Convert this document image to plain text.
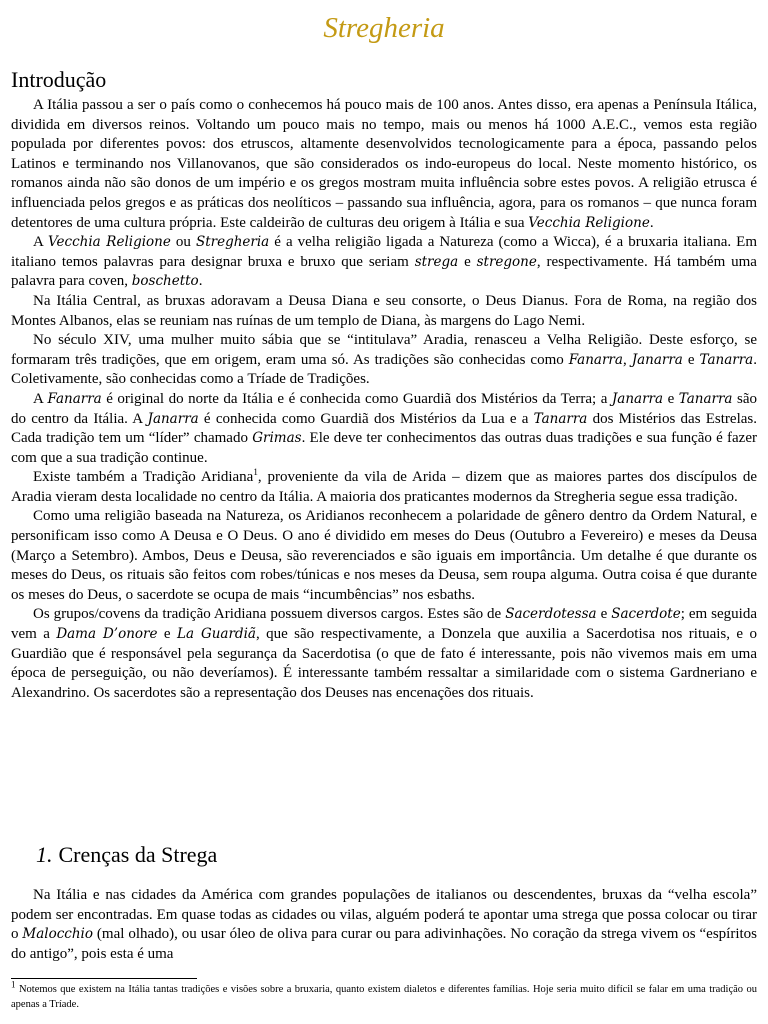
Stregheria
Introdução

A Itália passou a ser o país como o conhecemos há pouco mais de 100 anos. Antes disso, era apenas a Península Itálica, dividida em diversos reinos. Voltando um pouco mais no tempo, mais ou menos há 1000 A.E.C., vemos esta região populada por diferentes povos: dos etruscos, altamente desenvolvidos tecnologicamente para a época, passando pelos Latinos e terminando nos Villanovanos, que são considerados os indo-europeus do local. Neste momento histórico, os romanos ainda não são donos de um império e os gregos mostram muita influência sobre estes povos. A religião etrusca é influenciada pelos gregos e as práticas dos neolíticos – passando sua influência, agora, para os romanos – que nunca foram detentores de uma cultura própria. Este caldeirão de culturas deu origem à Itália e sua Vecchia Religione.

A Vecchia Religione ou Stregheria é a velha religião ligada a Natureza (como a Wicca), é a bruxaria italiana. Em italiano temos palavras para designar bruxa e bruxo que seriam strega e stregone, respectivamente. Há também uma palavra para coven, boschetto.

Na Itália Central, as bruxas adoravam a Deusa Diana e seu consorte, o Deus Dianus. Fora de Roma, na região dos Montes Albanos, elas se reuniam nas ruínas de um templo de Diana, às margens do Lago Nemi.

No século XIV, uma mulher muito sábia que se “intitulava” Aradia, renasceu a Velha Religião. Deste esforço, se formaram três tradições, que em origem, eram uma só. As tradições são conhecidas como Fanarra, Janarra e Tanarra. Coletivamente, são conhecidas como a Tríade de Tradições.

A Fanarra é original do norte da Itália e é conhecida como Guardiã dos Mistérios da Terra; a Janarra e Tanarra são do centro da Itália. A Janarra é conhecida como Guardiã dos Mistérios da Lua e a Tanarra dos Mistérios das Estrelas. Cada tradição tem um “líder” chamado Grimas. Ele deve ter conhecimentos das outras duas tradições e sua função é fazer com que a sua tradição continue.

Existe também a Tradição Aridiana$^1$, proveniente da vila de Arida – dizem que as maiores partes dos discípulos de Aradia vieram desta localidade no centro da Itália. A maioria dos praticantes modernos da Stregheria segue essa tradição.

Como uma religião baseada na Natureza, os Aridianos reconhecem a polaridade de gênero dentro da Ordem Natural, e personificam isso como A Deusa e O Deus. O ano é dividido em meses do Deus (Outubro a Fevereiro) e meses da Deusa (Março a Setembro). Ambos, Deus e Deusa, são reverenciados e são iguais em importância. Um detalhe é que durante os meses do Deus, os rituais são feitos com robes/túnicas e nos meses da Deusa, sem roupa alguma. Outra coisa é que durante os meses do Deus, o sacerdote se ocupa de mais “incumbências” nos esbaths.

Os grupos/covens da tradição Aridiana possuem diversos cargos. Estes são de Sacerdotessa e Sacerdote; em seguida vem a Dama D’onore e La Guardiã, que são respectivamente, a Donzela que auxilia a Sacerdotisa nos rituais, e o Guardião que é responsável pela segurança da Sacerdotisa (o que de fato é interessante, pois não vivemos mais em uma época de perseguição, ou não deveríamos). É interessante também ressaltar a similaridade com o sistema Gardneriano e Alexandrino. Os sacerdotes são a representação dos Deuses nas encenações dos rituais.

1. Crenças da Strega

Na Itália e nas cidades da América com grandes populações de italianos ou descendentes, bruxas da “velha escola” podem ser encontradas. Em quase todas as cidades ou vilas, alguém poderá te apontar uma strega que possa colocar ou tirar o Malocchio (mal olhado), ou usar óleo de oliva para curar ou para adivinhações. No coração da strega vivem os “espíritos do antigo”, pois esta é uma

$^1$ Notemos que existem na Itália tantas tradições e visões sobre a bruxaria, quanto existem dialetos e diferentes famílias. Hoje seria muito difícil se falar em uma tradição ou apenas a Tríade.
